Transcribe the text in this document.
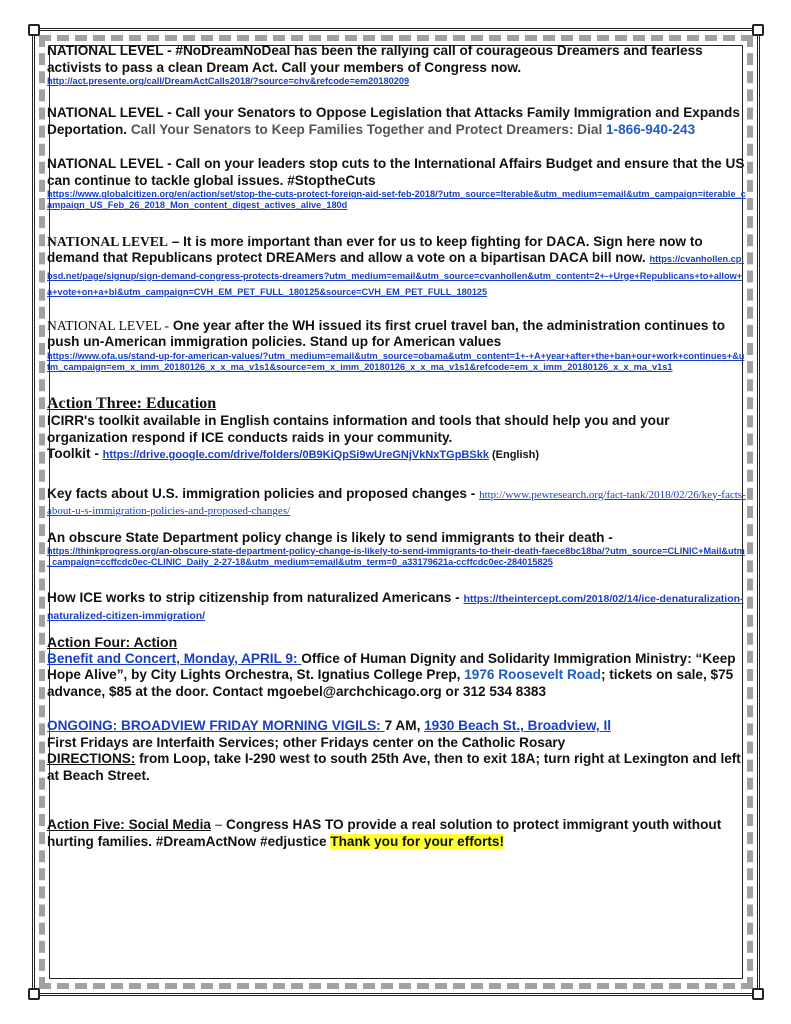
NATIONAL LEVEL - #NoDreamNoDeal has been the rallying call of courageous Dreamers and fearless activists to pass a clean Dream Act. Call your members of Congress now.

http://act.presente.org/call/DreamActCalls2018/?source=chv&refcode=em20180209

NATIONAL LEVEL - Call your Senators to Oppose Legislation that Attacks Family Immigration and Expands Deportation. Call Your Senators to Keep Families Together and Protect Dreamers: Dial 1-866-940-243

NATIONAL LEVEL - Call on your leaders stop cuts to the International Affairs Budget and ensure that the US can continue to tackle global issues. #StoptheCuts

https://www.globalcitizen.org/en/action/set/stop-the-cuts-protect-foreign-aid-set-feb-2018/?utm_source=Iterable&utm_medium=email&utm_campaign=iterable_campaign_US_Feb_26_2018_Mon_content_digest_actives_alive_180d

NATIONAL LEVEL – It is more important than ever for us to keep fighting for DACA. Sign here now to demand that Republicans protect DREAMers and allow a vote on a bipartisan DACA bill now. https://cvanhollen.cp.bsd.net/page/signup/sign-demand-congress-protects-dreamers?utm_medium=email&utm_source=cvanhollen&utm_content=2+-+Urge+Republicans+to+allow+a+vote+on+a+bi&utm_campaign=CVH_EM_PET_FULL_180125&source=CVH_EM_PET_FULL_180125

NATIONAL LEVEL - One year after the WH issued its first cruel travel ban, the administration continues to push un-American immigration policies. Stand up for American values

https://www.ofa.us/stand-up-for-american-values/?utm_medium=email&utm_source=obama&utm_content=1+-+A+year+after+the+ban+our+work+continues+&utm_campaign=em_x_imm_20180126_x_x_ma_v1s1&source=em_x_imm_20180126_x_x_ma_v1s1&refcode=em_x_imm_20180126_x_x_ma_v1s1

Action Three: Education

ICIRR's toolkit available in English contains information and tools that should help you and your organization respond if ICE conducts raids in your community.

Toolkit - https://drive.google.com/drive/folders/0B9KiQpSi9wUreGNjVkNxTGpBSkk (English)

Key facts about U.S. immigration policies and proposed changes - http://www.pewresearch.org/fact-tank/2018/02/26/key-facts-about-u-s-immigration-policies-and-proposed-changes/

An obscure State Department policy change is likely to send immigrants to their death -

https://thinkprogress.org/an-obscure-state-department-policy-change-is-likely-to-send-immigrants-to-their-death-faece8bc18ba/?utm_source=CLINIC+Mail&utm_campaign=ccffcdc0ec-CLINIC_Daily_2-27-18&utm_medium=email&utm_term=0_a33179621a-ccffcdc0ec-284015825

How ICE works to strip citizenship from naturalized Americans - https://theintercept.com/2018/02/14/ice-denaturalization-naturalized-citizen-immigration/

Action Four: Action

Benefit and Concert, Monday, APRIL 9: Office of Human Dignity and Solidarity Immigration Ministry: “Keep Hope Alive”, by City Lights Orchestra, St. Ignatius College Prep, 1976 Roosevelt Road; tickets on sale, $75 advance, $85 at the door. Contact mgoebel@archchicago.org or 312 534 8383

ONGOING: BROADVIEW FRIDAY MORNING VIGILS: 7 AM, 1930 Beach St., Broadview, Il

First Fridays are Interfaith Services; other Fridays center on the Catholic Rosary

DIRECTIONS: from Loop, take I-290 west to south 25th Ave, then to exit 18A; turn right at Lexington and left at Beach Street.

Action Five: Social Media – Congress HAS TO provide a real solution to protect immigrant youth without hurting families. #DreamActNow #edjustice Thank you for your efforts!
